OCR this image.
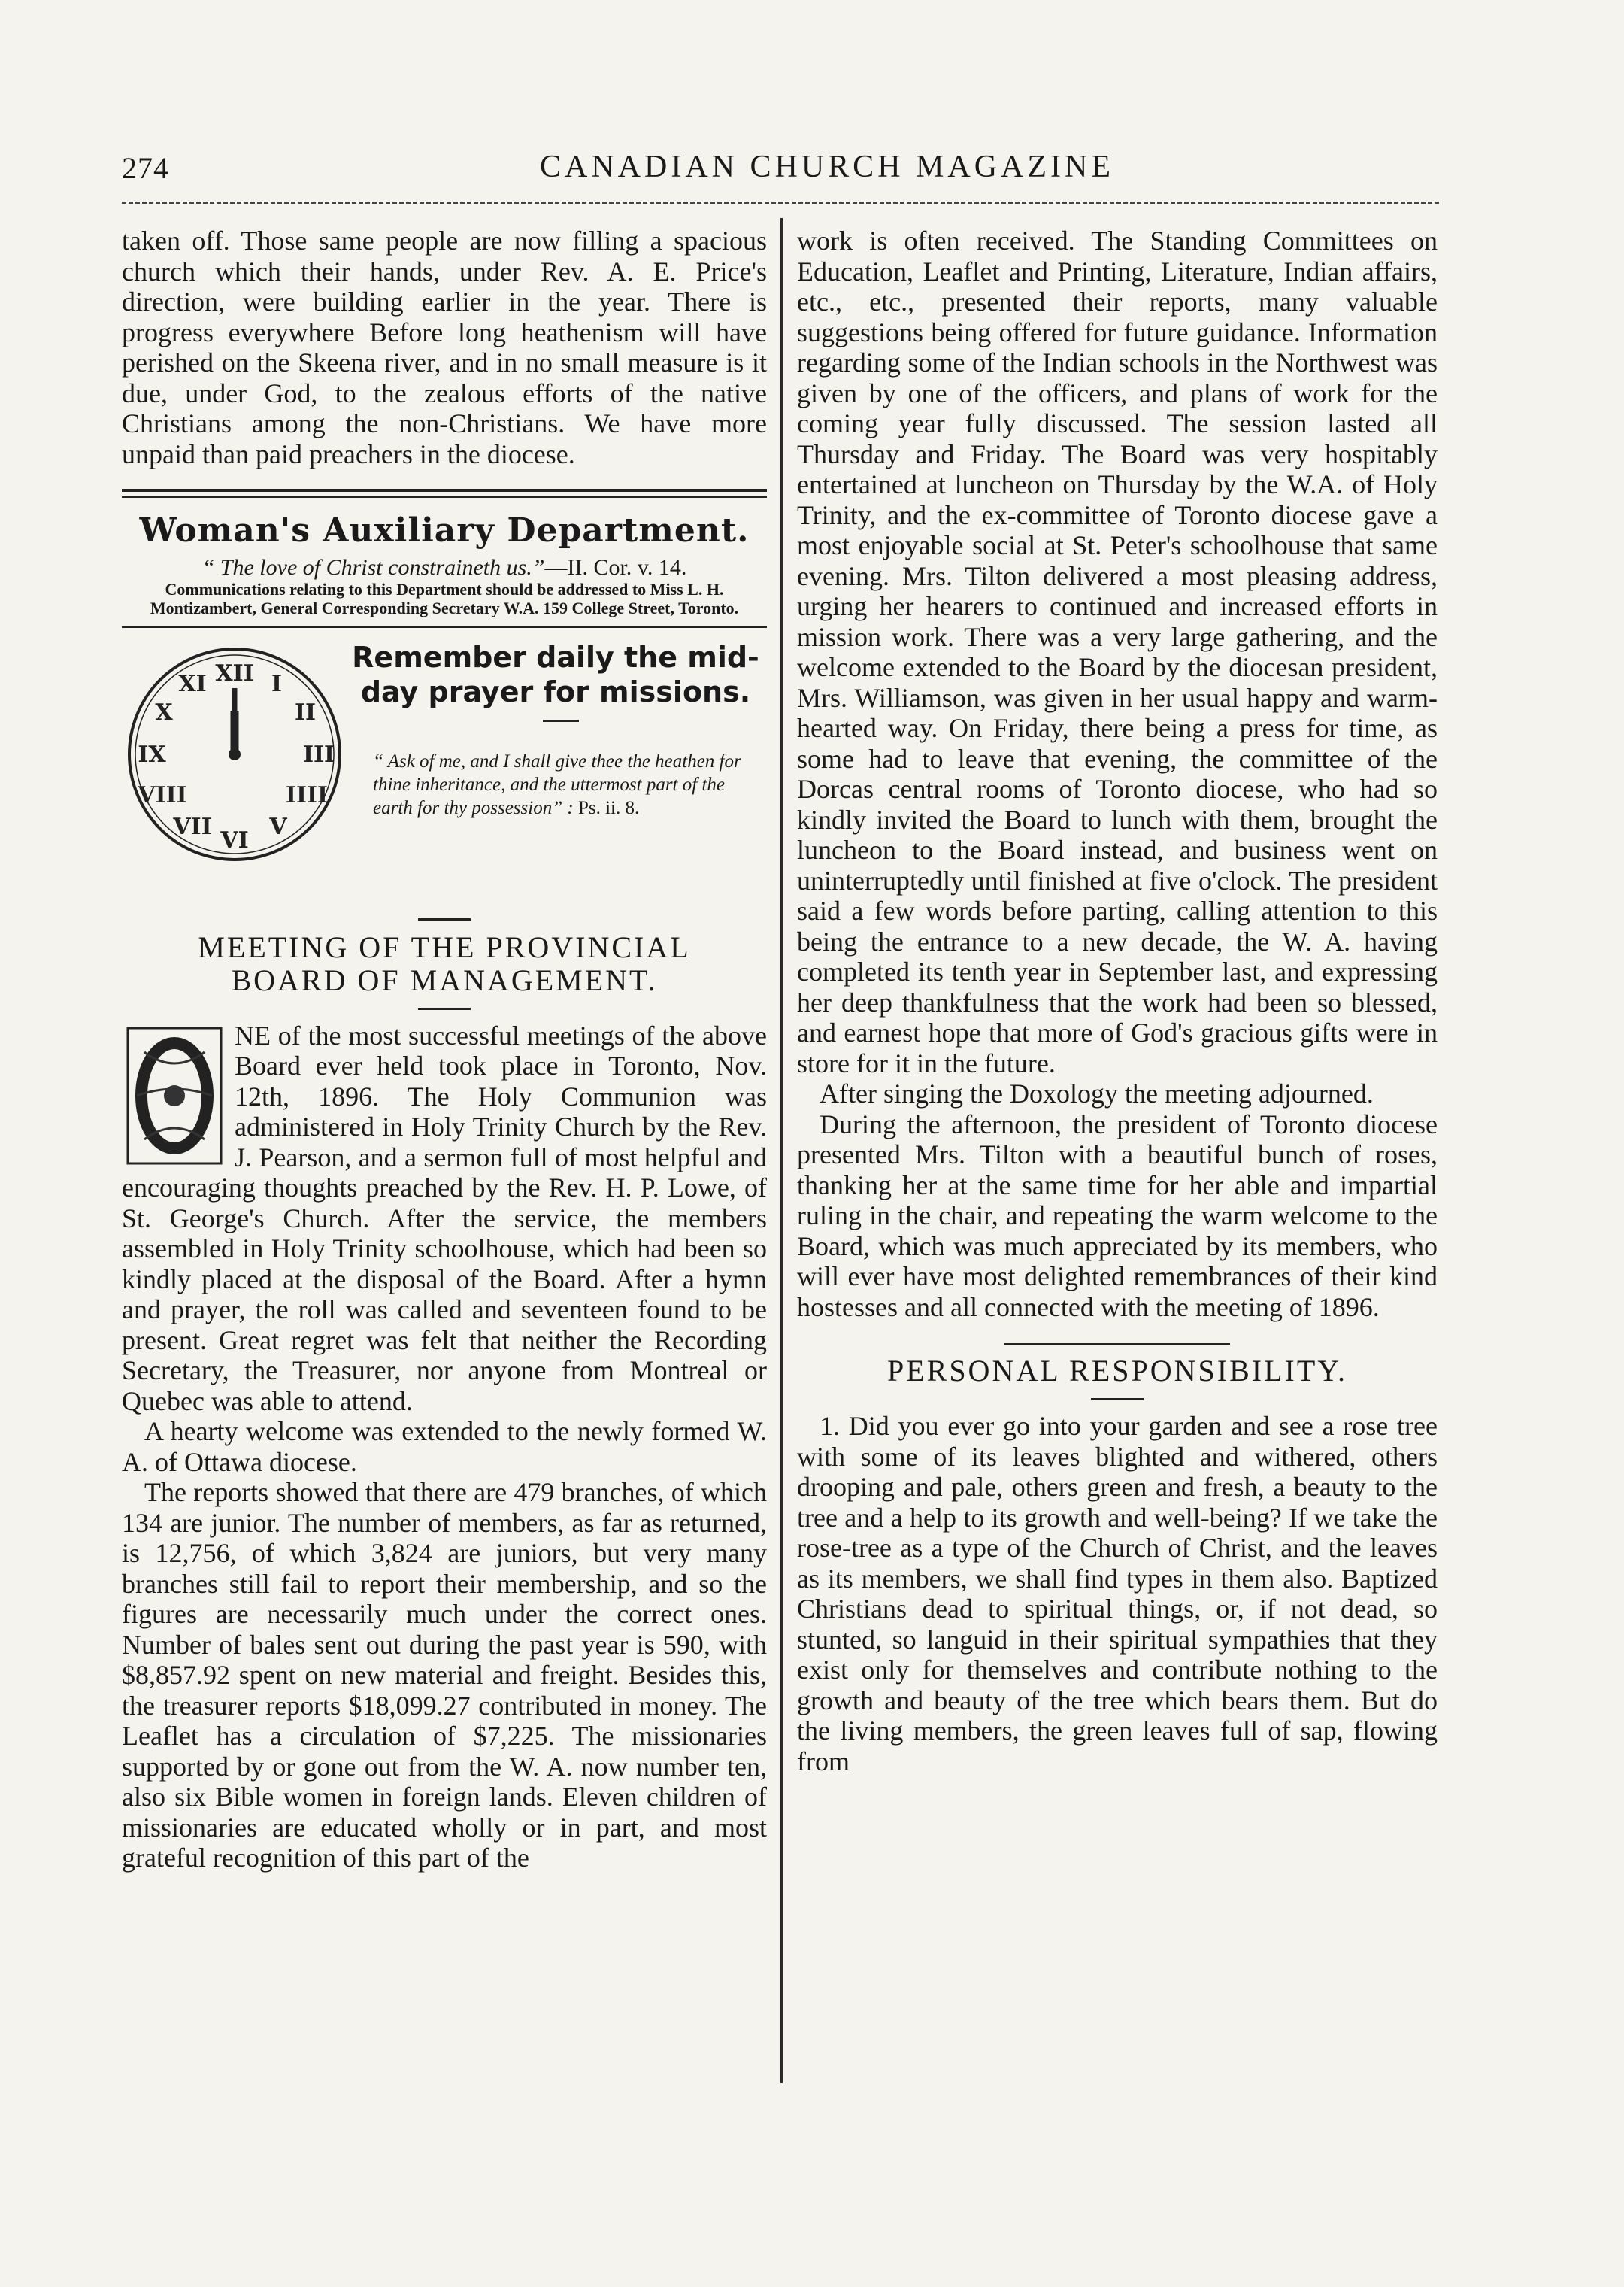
274	CANADIAN CHURCH MAGAZINE

taken off. Those same people are now filling a spacious church which their hands, under Rev. A. E. Price's direction, were building earlier in the year. There is progress everywhere Before long heathenism will have perished on the Skeena river, and in no small measure is it due, under God, to the zealous efforts of the native Christians among the non-Christians. We have more unpaid than paid preachers in the diocese.

Woman's Auxiliary Department.
“ The love of Christ constraineth us.”—II. Cor. v. 14.
Communications relating to this Department should be addressed to Miss L. H. Montizambert, General Corresponding Secretary W.A. 159 College Street, Toronto.
XII I
II
III
IIII
V
VI
VII
VIII
IX
X
XI
Remember daily the mid-day prayer for missions.
“ Ask of me, and I shall give thee the heathen for thine inheritance, and the uttermost part of the earth for thy possession” : Ps. ii. 8.
MEETING OF THE PROVINCIAL
BOARD OF MANAGEMENT.

NE of the most successful meetings of the above Board ever held took place in Toronto, Nov. 12th, 1896. The Holy Communion was administered in Holy Trinity Church by the Rev. J. Pearson, and a sermon full of most helpful and encouraging thoughts preached by the Rev. H. P. Lowe, of St. George's Church. After the service, the members assembled in Holy Trinity schoolhouse, which had been so kindly placed at the disposal of the Board. After a hymn and prayer, the roll was called and seventeen found to be present. Great regret was felt that neither the Recording Secretary, the Treasurer, nor anyone from Montreal or Quebec was able to attend.

A hearty welcome was extended to the newly formed W. A. of Ottawa diocese.

The reports showed that there are 479 branches, of which 134 are junior. The number of members, as far as returned, is 12,756, of which 3,824 are juniors, but very many branches still fail to report their membership, and so the figures are necessarily much under the correct ones. Number of bales sent out during the past year is 590, with $8,857.92 spent on new material and freight. Besides this, the treasurer reports $18,099.27 contributed in money. The Leaflet has a circulation of $7,225. The missionaries supported by or gone out from the W. A. now number ten, also six Bible women in foreign lands. Eleven children of missionaries are educated wholly or in part, and most grateful recognition of this part of the

work is often received. The Standing Committees on Education, Leaflet and Printing, Literature, Indian affairs, etc., etc., presented their reports, many valuable suggestions being offered for future guidance. Information regarding some of the Indian schools in the Northwest was given by one of the officers, and plans of work for the coming year fully discussed. The session lasted all Thursday and Friday. The Board was very hospitably entertained at luncheon on Thursday by the W.A. of Holy Trinity, and the ex-committee of Toronto diocese gave a most enjoyable social at St. Peter's schoolhouse that same evening. Mrs. Tilton delivered a most pleasing address, urging her hearers to continued and increased efforts in mission work. There was a very large gathering, and the welcome extended to the Board by the diocesan president, Mrs. Williamson, was given in her usual happy and warm-hearted way. On Friday, there being a press for time, as some had to leave that evening, the committee of the Dorcas central rooms of Toronto diocese, who had so kindly invited the Board to lunch with them, brought the luncheon to the Board instead, and business went on uninterruptedly until finished at five o'clock. The president said a few words before parting, calling attention to this being the entrance to a new decade, the W. A. having completed its tenth year in September last, and expressing her deep thankfulness that the work had been so blessed, and earnest hope that more of God's gracious gifts were in store for it in the future.

After singing the Doxology the meeting adjourned.

During the afternoon, the president of Toronto diocese presented Mrs. Tilton with a beautiful bunch of roses, thanking her at the same time for her able and impartial ruling in the chair, and repeating the warm welcome to the Board, which was much appreciated by its members, who will ever have most delighted remembrances of their kind hostesses and all connected with the meeting of 1896.

PERSONAL RESPONSIBILITY.

1. Did you ever go into your garden and see a rose tree with some of its leaves blighted and withered, others drooping and pale, others green and fresh, a beauty to the tree and a help to its growth and well-being? If we take the rose-tree as a type of the Church of Christ, and the leaves as its members, we shall find types in them also. Baptized Christians dead to spiritual things, or, if not dead, so stunted, so languid in their spiritual sympathies that they exist only for themselves and contribute nothing to the growth and beauty of the tree which bears them. But do the living members, the green leaves full of sap, flowing from
